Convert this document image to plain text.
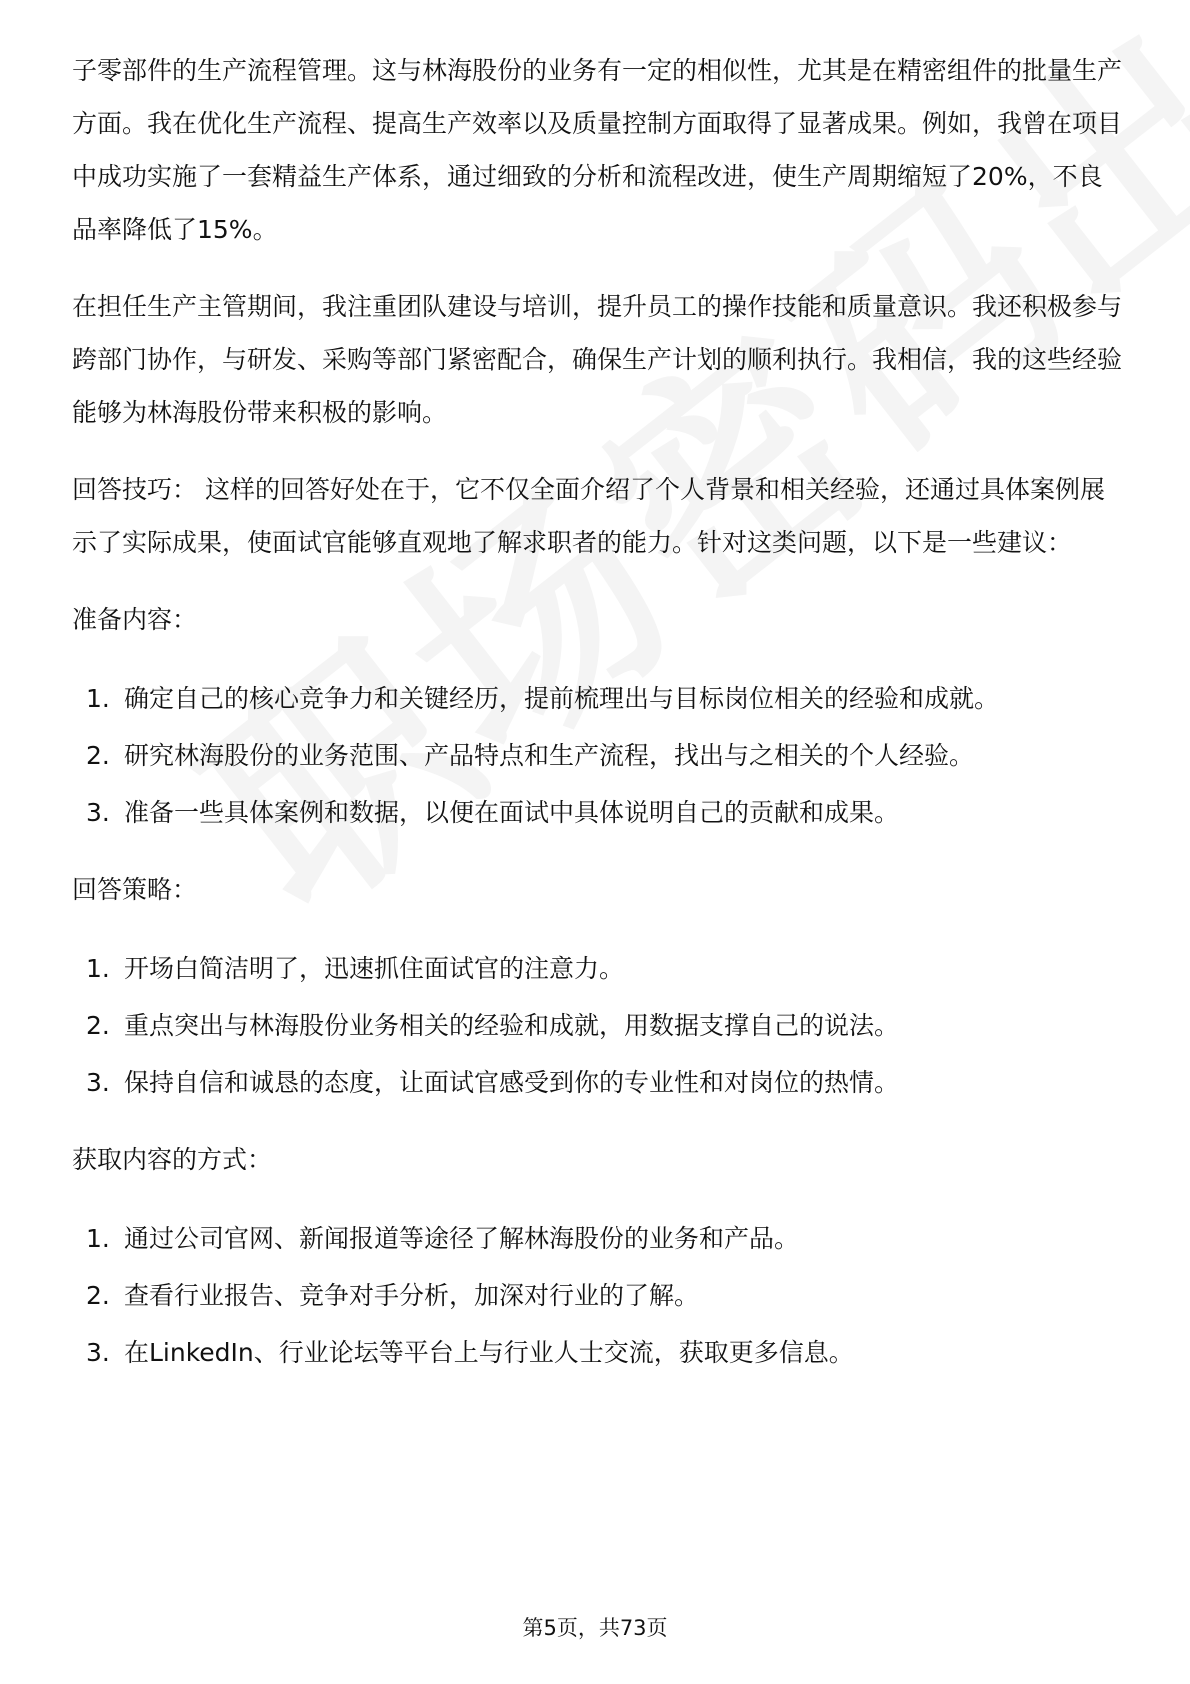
子零部件的生产流程管理。这与林海股份的业务有一定的相似性，尤其是在精密组件的批量生产方面。我在优化生产流程、提高生产效率以及质量控制方面取得了显著成果。例如，我曾在项目中成功实施了一套精益生产体系，通过细致的分析和流程改进，使生产周期缩短了20%，不良品率降低了15%。

在担任生产主管期间，我注重团队建设与培训，提升员工的操作技能和质量意识。我还积极参与跨部门协作，与研发、采购等部门紧密配合，确保生产计划的顺利执行。我相信，我的这些经验能够为林海股份带来积极的影响。

回答技巧： 这样的回答好处在于，它不仅全面介绍了个人背景和相关经验，还通过具体案例展示了实际成果，使面试官能够直观地了解求职者的能力。针对这类问题，以下是一些建议：

准备内容：
1. 确定自己的核心竞争力和关键经历，提前梳理出与目标岗位相关的经验和成就。
2. 研究林海股份的业务范围、产品特点和生产流程，找出与之相关的个人经验。
3. 准备一些具体案例和数据，以便在面试中具体说明自己的贡献和成果。
回答策略：
1. 开场白简洁明了，迅速抓住面试官的注意力。
2. 重点突出与林海股份业务相关的经验和成就，用数据支撑自己的说法。
3. 保持自信和诚恳的态度，让面试官感受到你的专业性和对岗位的热情。
获取内容的方式：
1. 通过公司官网、新闻报道等途径了解林海股份的业务和产品。
2. 查看行业报告、竞争对手分析，加深对行业的了解。
3. 在LinkedIn、行业论坛等平台上与行业人士交流，获取更多信息。
第5页，共73页
